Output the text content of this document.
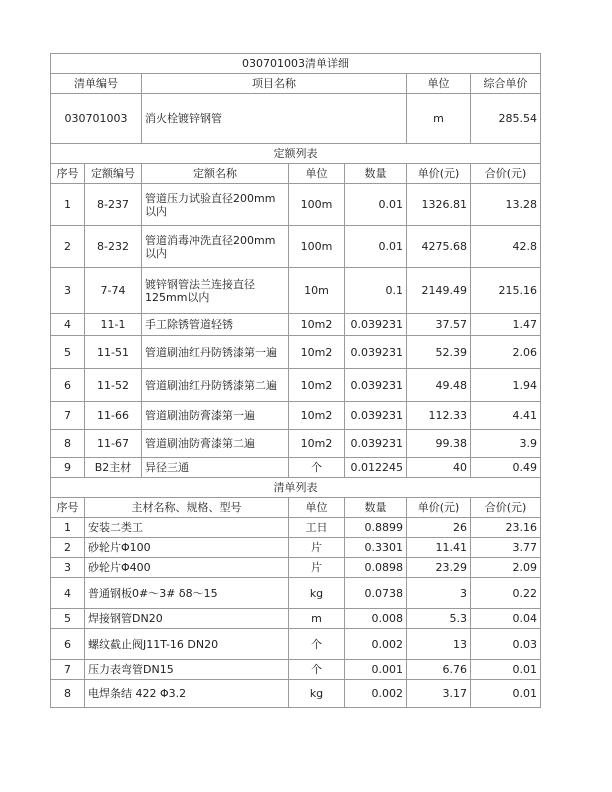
030701003清单详细						
清单编号		项目名称			单位	综合单价
030701003		消火栓镀锌钢管			m	285.54
定额列表						
序号	定额编号	定额名称	单位	数量	单价(元)	合价(元)
1	8-237	管道压力试验直径200mm以内	100m	0.01	1326.81	13.28
2	8-232	管道消毒冲洗直径200mm以内	100m	0.01	4275.68	42.8
3	7-74	镀锌钢管法兰连接直径125mm以内	10m	0.1	2149.49	215.16
4	11-1	手工除锈管道轻锈	10m2	0.039231	37.57	1.47
5	11-51	管道刷油红丹防锈漆第一遍	10m2	0.039231	52.39	2.06
6	11-52	管道刷油红丹防锈漆第二遍	10m2	0.039231	49.48	1.94
7	11-66	管道刷油防膏漆第一遍	10m2	0.039231	112.33	4.41
8	11-67	管道刷油防膏漆第二遍	10m2	0.039231	99.38	3.9
9	B2主材	异径三通	个	0.012245	40	0.49
清单列表						
序号	主材名称、规格、型号		单位	数量	单价(元)	合价(元)
1	安装二类工		工日	0.8899	26	23.16
2	砂轮片Φ100		片	0.3301	11.41	3.77
3	砂轮片Φ400		片	0.0898	23.29	2.09
4	普通钢板0#～3# δ8～15		kg	0.0738	3	0.22
5	焊接钢管DN20		m	0.008	5.3	0.04
6	螺纹截止阀J11T-16 DN20		个	0.002	13	0.03
7	压力表弯管DN15		个	0.001	6.76	0.01
8	电焊条结 422 Φ3.2		kg	0.002	3.17	0.01
